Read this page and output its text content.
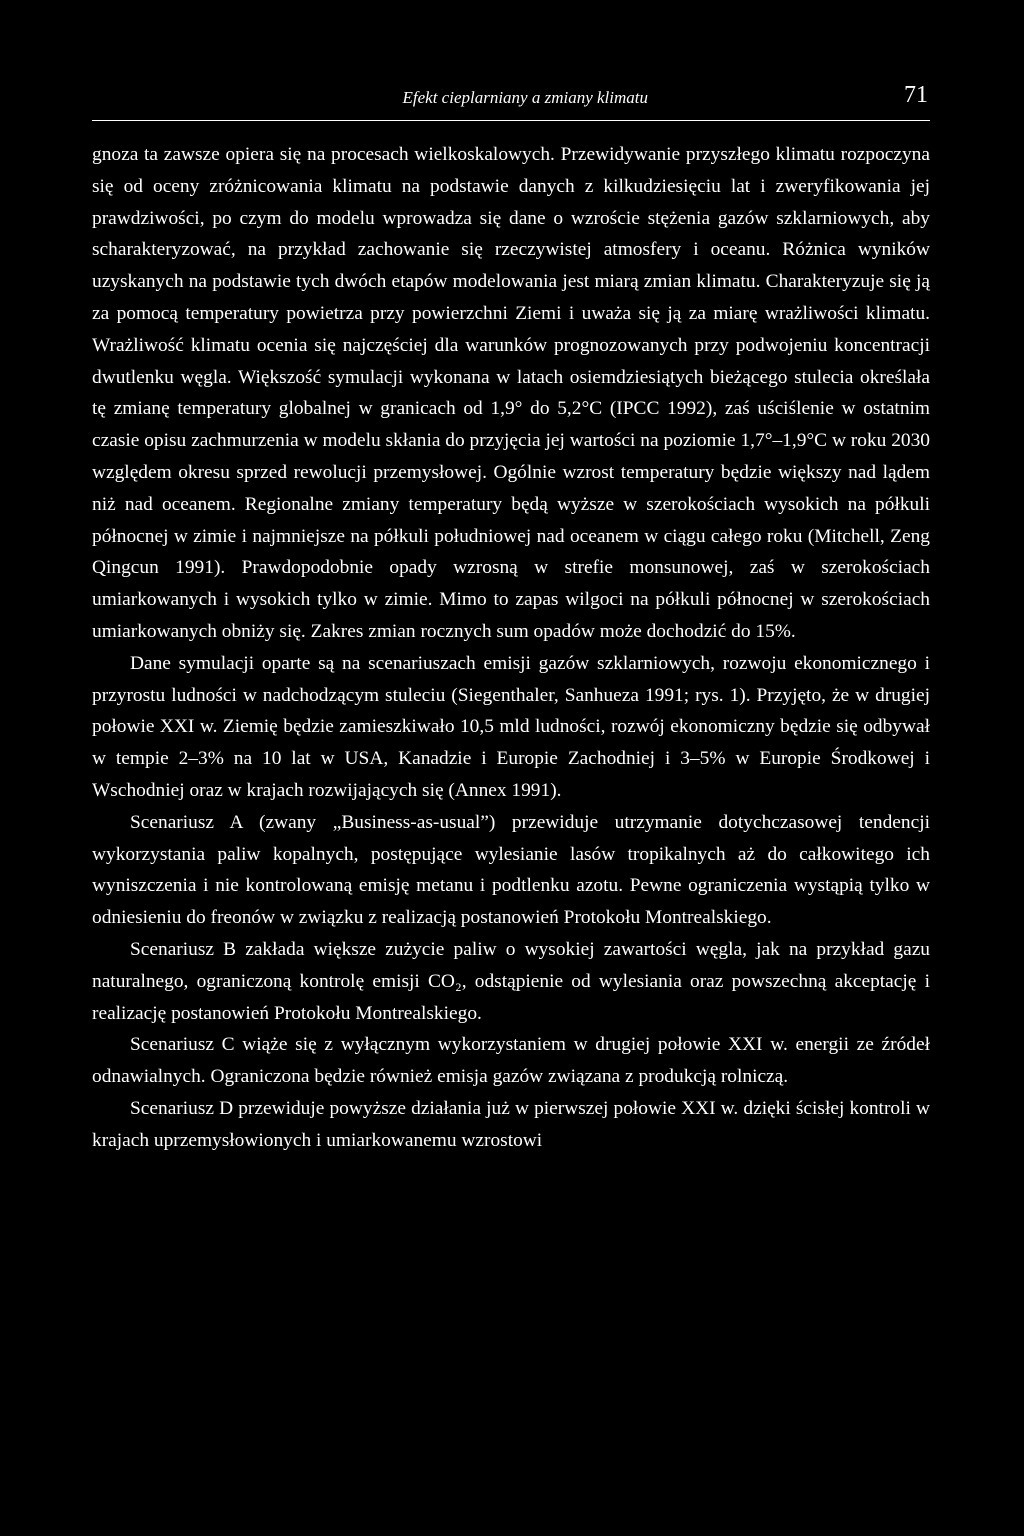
Efekt cieplarniany a zmiany klimatu	71

gnoza ta zawsze opiera się na procesach wielkoskalowych. Przewidywanie przyszłego klimatu rozpoczyna się od oceny zróżnicowania klimatu na podstawie danych z kilkudziesięciu lat i zweryfikowania jej prawdziwości, po czym do modelu wprowadza się dane o wzroście stężenia gazów szklarniowych, aby scharakteryzować, na przykład zachowanie się rzeczywistej atmosfery i oceanu. Różnica wyników uzyskanych na podstawie tych dwóch etapów modelowania jest miarą zmian klimatu. Charakteryzuje się ją za pomocą temperatury powietrza przy powierzchni Ziemi i uważa się ją za miarę wrażliwości klimatu. Wrażliwość klimatu ocenia się najczęściej dla warunków prognozowanych przy podwojeniu koncentracji dwutlenku węgla. Większość symulacji wykonana w latach osiemdziesiątych bieżącego stulecia określała tę zmianę temperatury globalnej w granicach od 1,9° do 5,2°C (IPCC 1992), zaś uściślenie w ostatnim czasie opisu zachmurzenia w modelu skłania do przyjęcia jej wartości na poziomie 1,7°–1,9°C w roku 2030 względem okresu sprzed rewolucji przemysłowej. Ogólnie wzrost temperatury będzie większy nad lądem niż nad oceanem. Regionalne zmiany temperatury będą wyższe w szerokościach wysokich na półkuli północnej w zimie i najmniejsze na półkuli południowej nad oceanem w ciągu całego roku (Mitchell, Zeng Qingcun 1991). Prawdopodobnie opady wzrosną w strefie monsunowej, zaś w szerokościach umiarkowanych i wysokich tylko w zimie. Mimo to zapas wilgoci na półkuli północnej w szerokościach umiarkowanych obniży się. Zakres zmian rocznych sum opadów może dochodzić do 15%.

Dane symulacji oparte są na scenariuszach emisji gazów szklarniowych, rozwoju ekonomicznego i przyrostu ludności w nadchodzącym stuleciu (Siegenthaler, Sanhueza 1991; rys. 1). Przyjęto, że w drugiej połowie XXI w. Ziemię będzie zamieszkiwało 10,5 mld ludności, rozwój ekonomiczny będzie się odbywał w tempie 2–3% na 10 lat w USA, Kanadzie i Europie Zachodniej i 3–5% w Europie Środkowej i Wschodniej oraz w krajach rozwijających się (Annex 1991).

Scenariusz A (zwany „Business-as-usual”) przewiduje utrzymanie dotychczasowej tendencji wykorzystania paliw kopalnych, postępujące wylesianie lasów tropikalnych aż do całkowitego ich wyniszczenia i nie kontrolowaną emisję metanu i podtlenku azotu. Pewne ograniczenia wystąpią tylko w odniesieniu do freonów w związku z realizacją postanowień Protokołu Montrealskiego.

Scenariusz B zakłada większe zużycie paliw o wysokiej zawartości węgla, jak na przykład gazu naturalnego, ograniczoną kontrolę emisji CO₂, odstąpienie od wylesiania oraz powszechną akceptację i realizację postanowień Protokołu Montrealskiego.

Scenariusz C wiąże się z wyłącznym wykorzystaniem w drugiej połowie XXI w. energii ze źródeł odnawialnych. Ograniczona będzie również emisja gazów związana z produkcją rolniczą.

Scenariusz D przewiduje powyższe działania już w pierwszej połowie XXI w. dzięki ścisłej kontroli w krajach uprzemysłowionych i umiarkowanemu wzrostowi
